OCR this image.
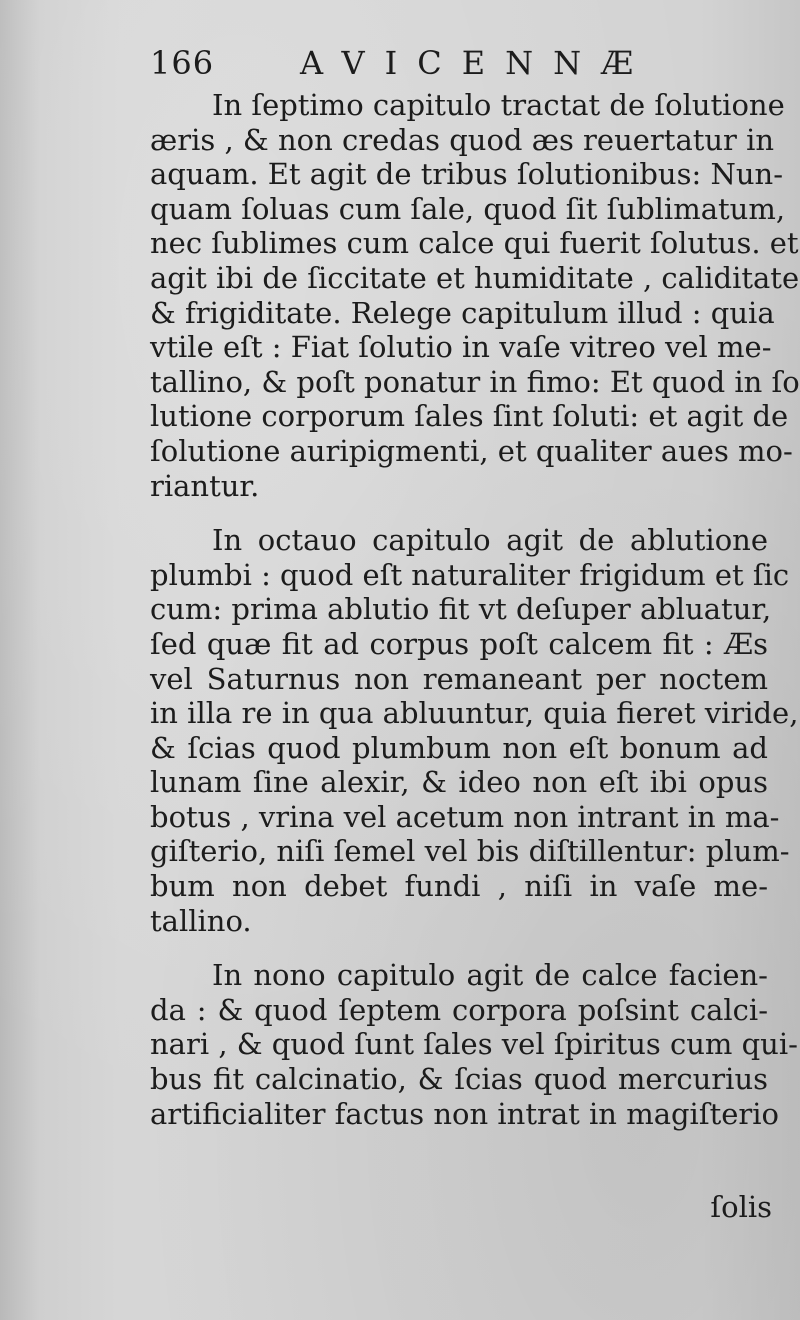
166	AVICENNÆ
In ſeptimo capitulo tractat de ſolutione
æris , & non credas quod æs reuertatur in
aquam. Et agit de tribus ſolutionibus: Nun-
quam ſoluas cum ſale, quod ſit ſublimatum,
nec ſublimes cum calce qui fuerit ſolutus. et
agit ibi de ſiccitate et humiditate , caliditate
& frigiditate. Relege capitulum illud : quia
vtile eſt : Fiat ſolutio in vaſe vitreo vel me-
tallino, & poſt ponatur in fimo: Et quod in ſo
lutione corporum ſales ſint ſoluti: et agit de
ſolutione auripigmenti, et qualiter aues mo-
riantur.
In octauo capitulo agit de ablutione
plumbi : quod eſt naturaliter frigidum et ſic
cum: prima ablutio fit vt deſuper abluatur,
ſed quæ fit ad corpus poſt calcem fit : Æs
vel Saturnus non remaneant per noctem
in illa re in qua abluuntur, quia fieret viride,
& ſcias quod plumbum non eſt bonum ad
lunam ſine alexir, & ideo non eſt ibi opus
botus , vrina vel acetum non intrant in ma-
giſterio, niſi ſemel vel bis diſtillentur: plum-
bum non debet fundi , niſi in vaſe me-
tallino.
In nono capitulo agit de calce facien-
da : & quod ſeptem corpora poſsint calci-
nari , & quod ſunt ſales vel ſpiritus cum qui-
bus fit calcinatio, & ſcias quod mercurius
artificialiter factus non intrat in magiſterio
ſolis
